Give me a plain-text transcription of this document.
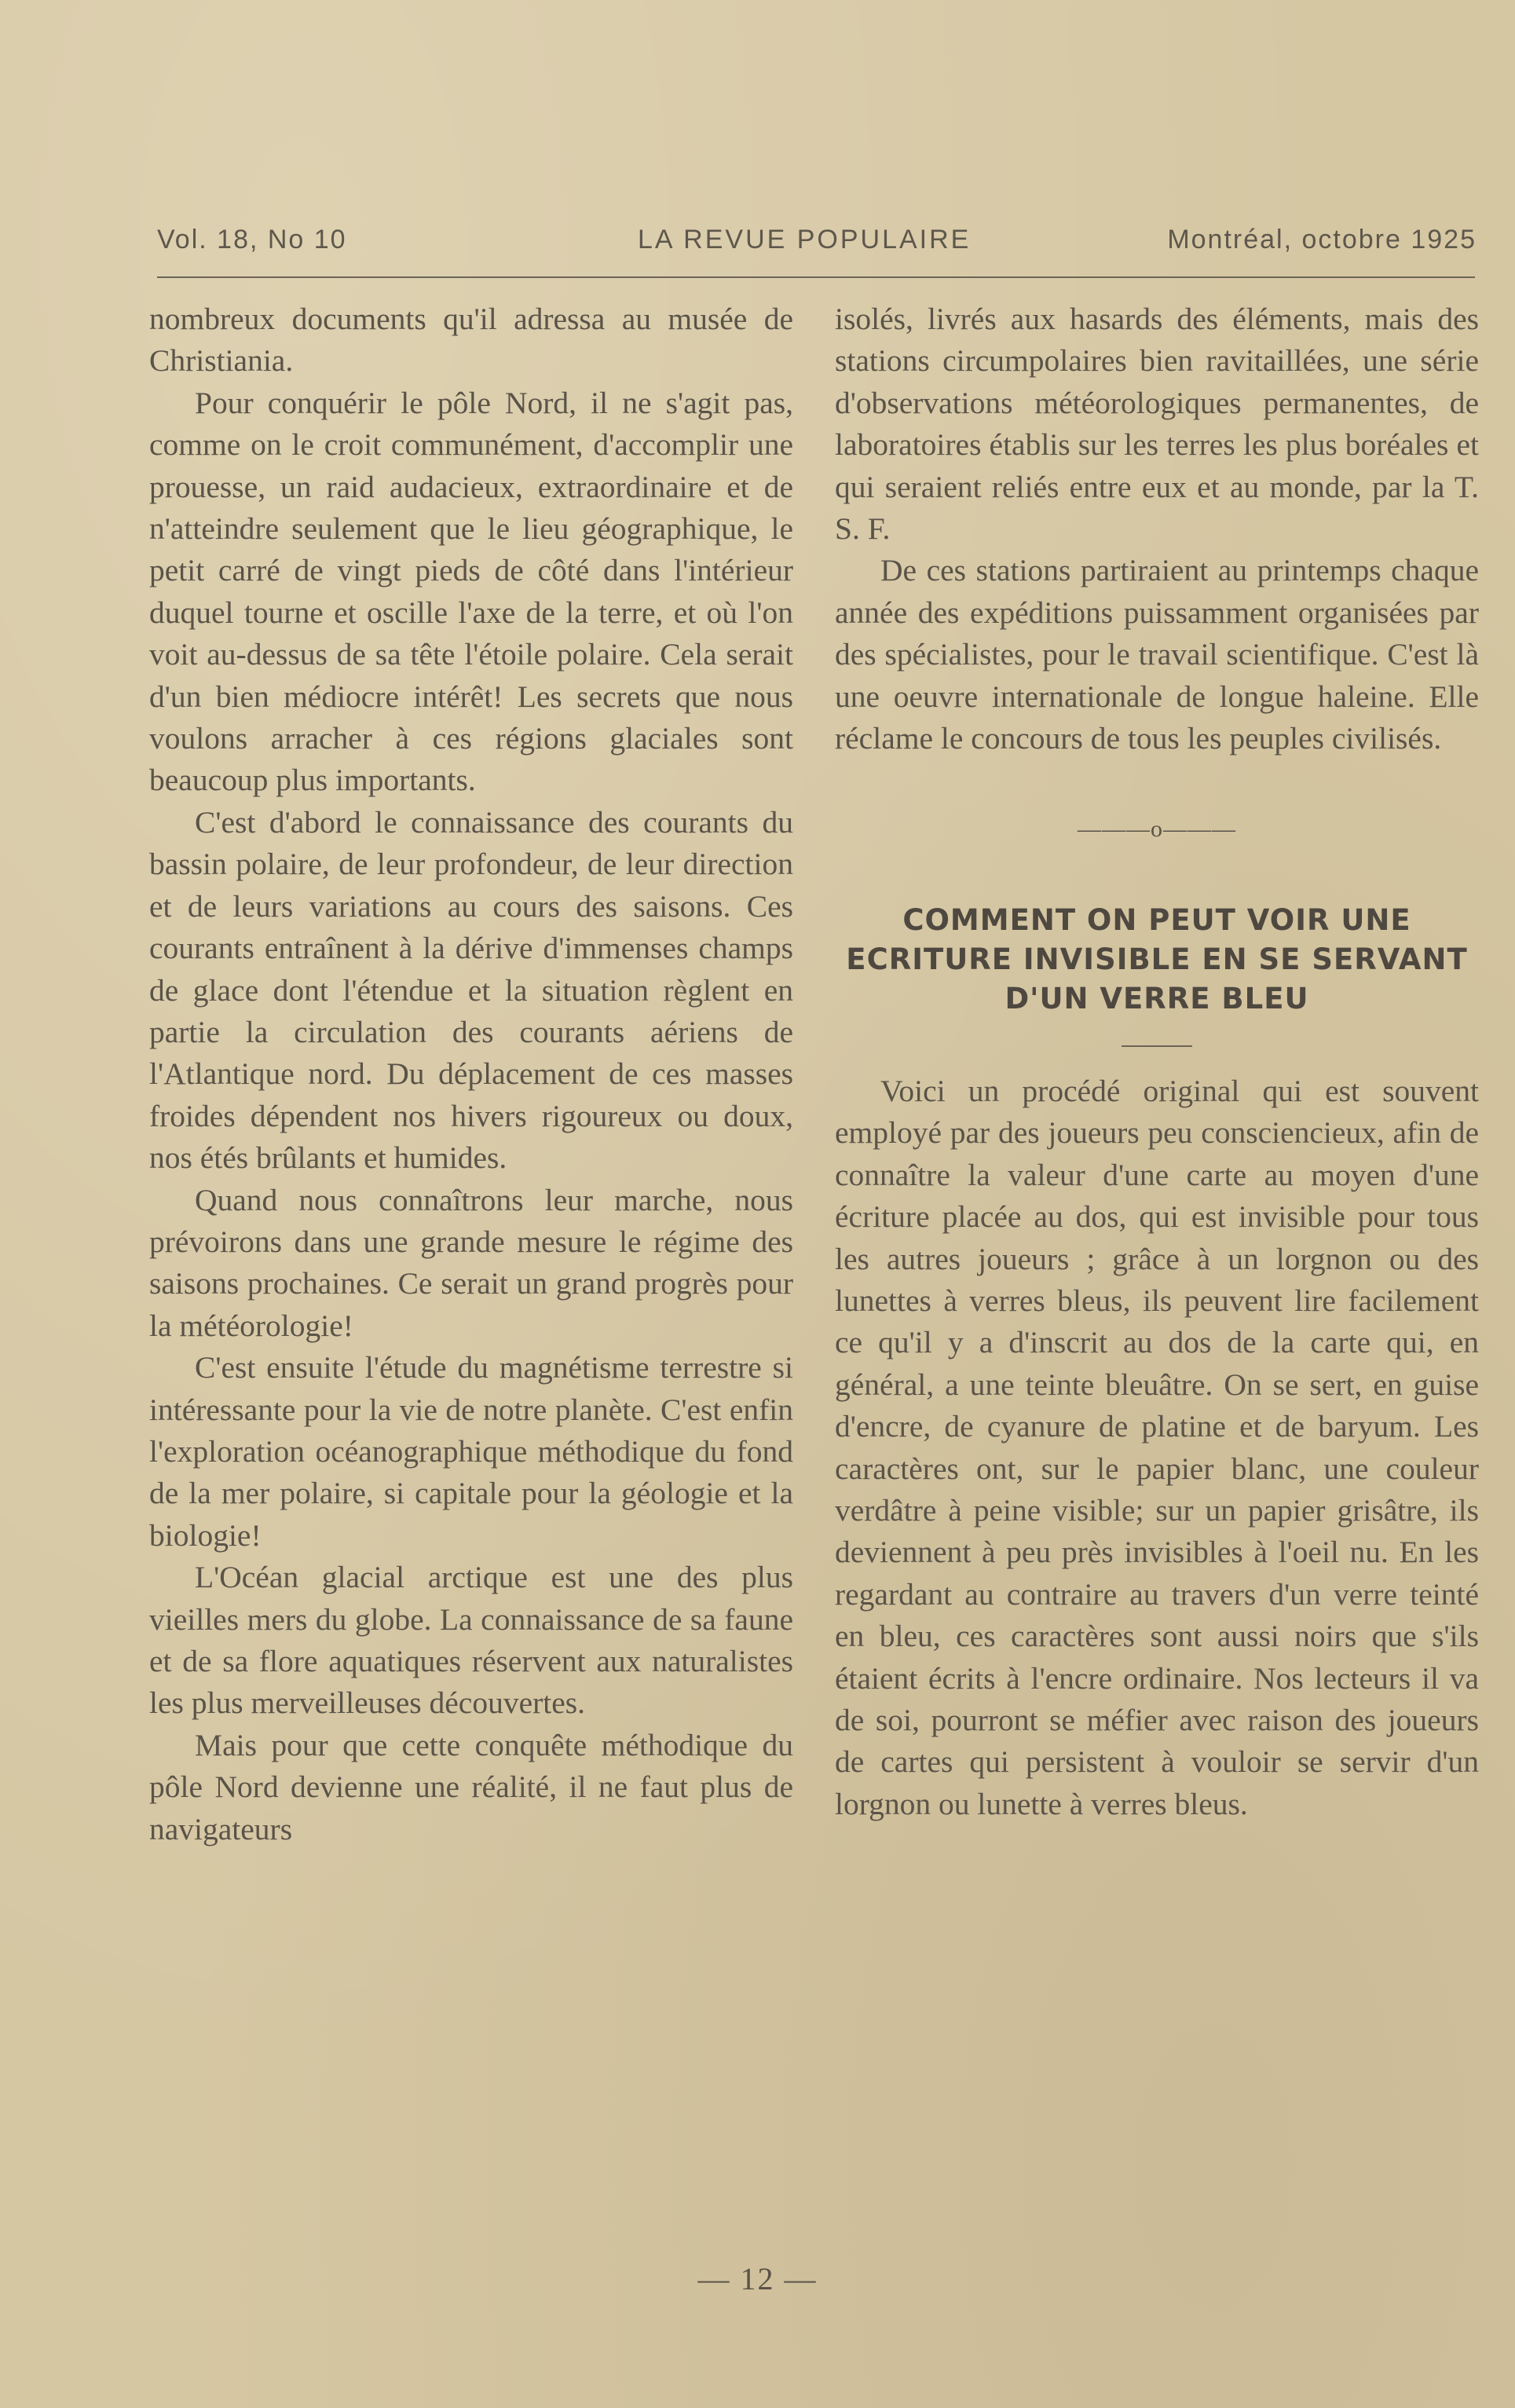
Vol. 18, No 10	LA REVUE POPULAIRE	Montréal, octobre 1925

nombreux documents qu'il adressa au musée de Christiania.

Pour conquérir le pôle Nord, il ne s'agit pas, comme on le croit communément, d'accomplir une prouesse, un raid audacieux, extraordinaire et de n'atteindre seulement que le lieu géographique, le petit carré de vingt pieds de côté dans l'intérieur duquel tourne et oscille l'axe de la terre, et où l'on voit au-dessus de sa tête l'étoile polaire. Cela serait d'un bien médiocre intérêt! Les secrets que nous voulons arracher à ces régions glaciales sont beaucoup plus importants.

C'est d'abord le connaissance des courants du bassin polaire, de leur profondeur, de leur direction et de leurs variations au cours des saisons. Ces courants entraînent à la dérive d'immenses champs de glace dont l'étendue et la situation règlent en partie la circulation des courants aériens de l'Atlantique nord. Du déplacement de ces masses froides dépendent nos hivers rigoureux ou doux, nos étés brûlants et humides.

Quand nous connaîtrons leur marche, nous prévoirons dans une grande mesure le régime des saisons prochaines. Ce serait un grand progrès pour la météorologie!

C'est ensuite l'étude du magnétisme terrestre si intéressante pour la vie de notre planète. C'est enfin l'exploration océanographique méthodique du fond de la mer polaire, si capitale pour la géologie et la biologie!

L'Océan glacial arctique est une des plus vieilles mers du globe. La connaissance de sa faune et de sa flore aquatiques réservent aux naturalistes les plus merveilleuses découvertes.

Mais pour que cette conquête méthodique du pôle Nord devienne une réalité, il ne faut plus de navigateurs

isolés, livrés aux hasards des éléments, mais des stations circumpolaires bien ravitaillées, une série d'observations météorologiques permanentes, de laboratoires établis sur les terres les plus boréales et qui seraient reliés entre eux et au monde, par la T. S. F.

De ces stations partiraient au printemps chaque année des expéditions puissamment organisées par des spécialistes, pour le travail scientifique. C'est là une oeuvre internationale de longue haleine. Elle réclame le concours de tous les peuples civilisés.

———o———
COMMENT ON PEUT VOIR UNE ECRITURE INVISIBLE EN SE SERVANT D'UN VERRE BLEU

Voici un procédé original qui est souvent employé par des joueurs peu consciencieux, afin de connaître la valeur d'une carte au moyen d'une écriture placée au dos, qui est invisible pour tous les autres joueurs ; grâce à un lorgnon ou des lunettes à verres bleus, ils peuvent lire facilement ce qu'il y a d'inscrit au dos de la carte qui, en général, a une teinte bleuâtre. On se sert, en guise d'encre, de cyanure de platine et de baryum. Les caractères ont, sur le papier blanc, une couleur verdâtre à peine visible; sur un papier grisâtre, ils deviennent à peu près invisibles à l'oeil nu. En les regardant au contraire au travers d'un verre teinté en bleu, ces caractères sont aussi noirs que s'ils étaient écrits à l'encre ordinaire. Nos lecteurs il va de soi, pourront se méfier avec raison des joueurs de cartes qui persistent à vouloir se servir d'un lorgnon ou lunette à verres bleus.

— 12 —
